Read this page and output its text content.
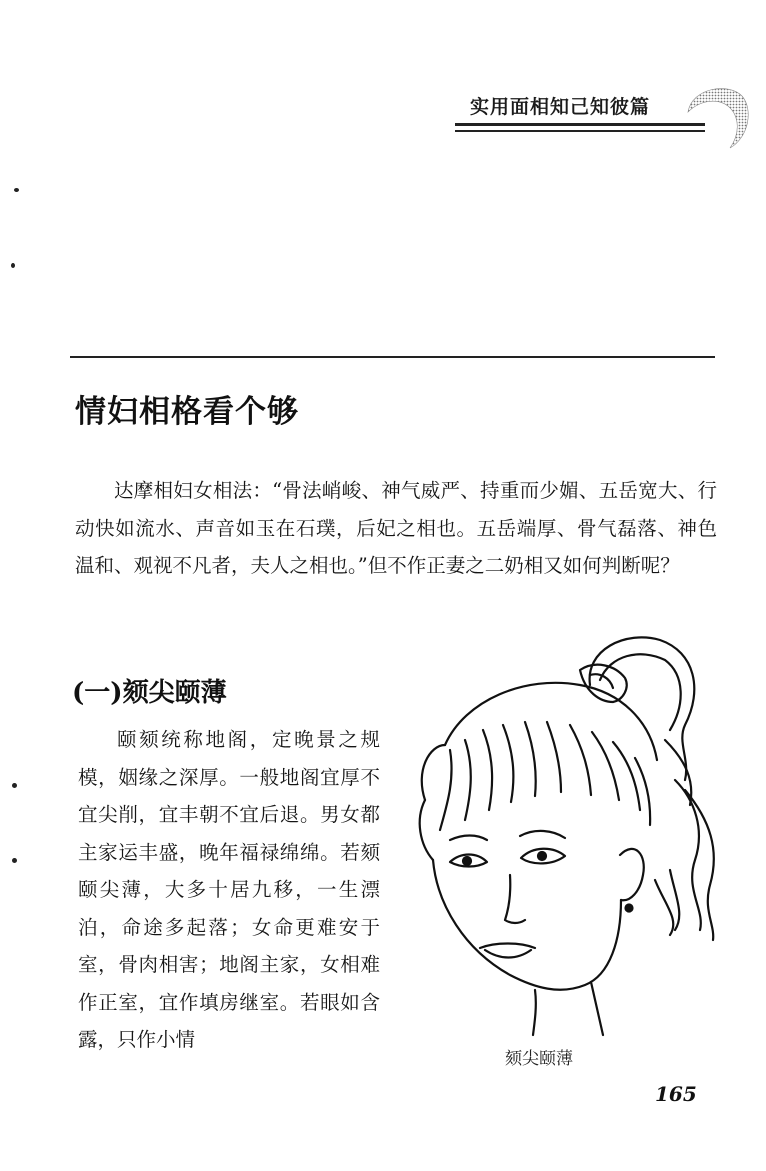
实用面相知己知彼篇
情妇相格看个够

达摩相妇女相法：“骨法峭峻、神气威严、持重而少媚、五岳宽大、行动快如流水、声音如玉在石璞，后妃之相也。五岳端厚、骨气磊落、神色温和、观视不凡者，夫人之相也。”但不作正妻之二奶相又如何判断呢？

(一)颏尖颐薄

颐颏统称地阁，定晚景之规模，姻缘之深厚。一般地阁宜厚不宜尖削，宜丰朝不宜后退。男女都主家运丰盛，晚年福禄绵绵。若颏颐尖薄，大多十居九移，一生漂泊，命途多起落；女命更难安于室，骨肉相害；地阁主家，女相难作正室，宜作填房继室。若眼如含露，只作小情

颏尖颐薄
165
